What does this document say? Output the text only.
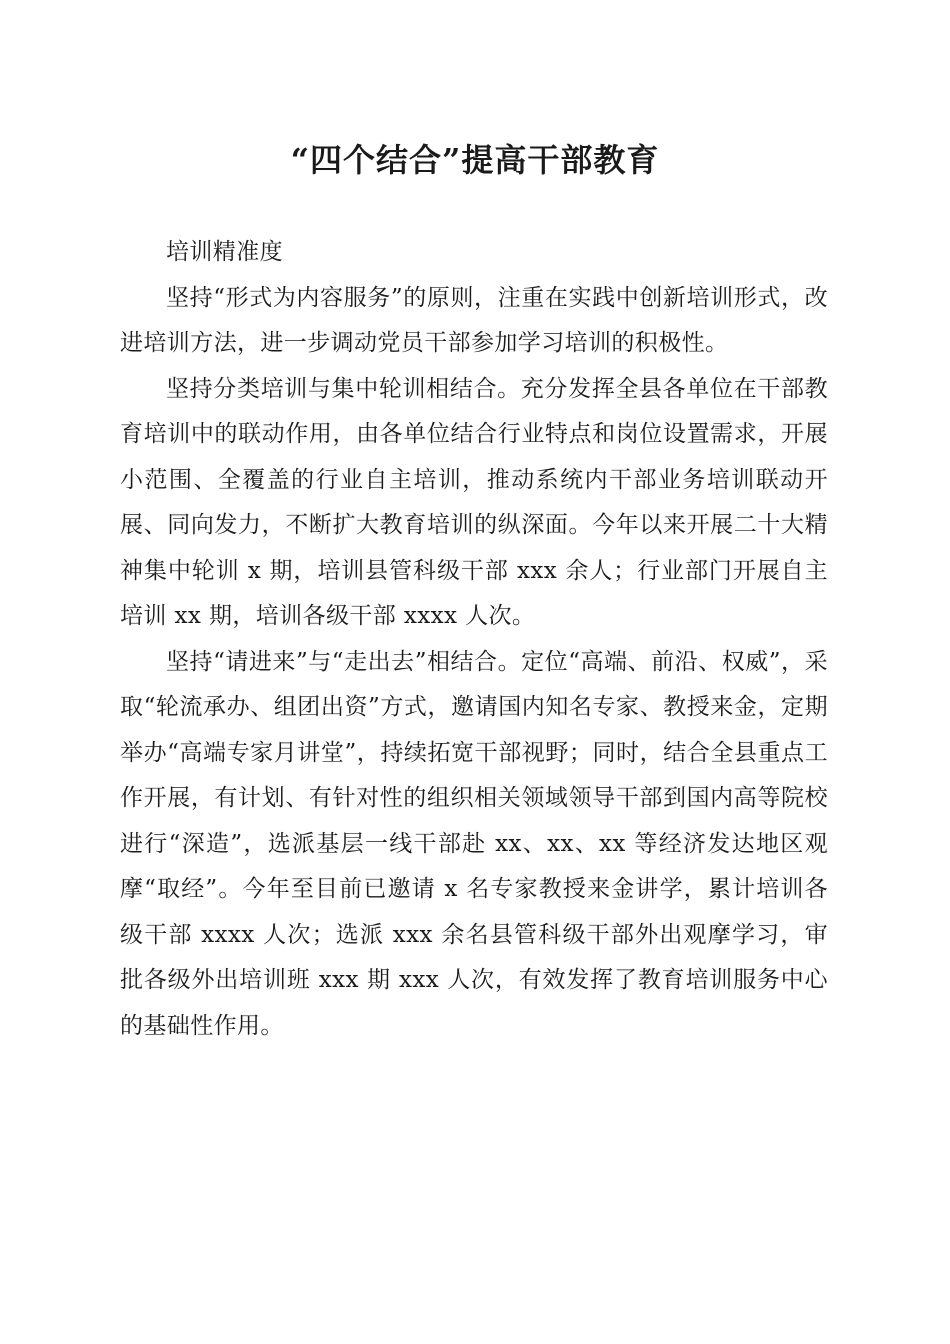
“四个结合”提高干部教育

培训精准度

坚持“形式为内容服务”的原则，注重在实践中创新培训形式，改进培训方法，进一步调动党员干部参加学习培训的积极性。

坚持分类培训与集中轮训相结合。充分发挥全县各单位在干部教育培训中的联动作用，由各单位结合行业特点和岗位设置需求，开展小范围、全覆盖的行业自主培训，推动系统内干部业务培训联动开展、同向发力，不断扩大教育培训的纵深面。今年以来开展二十大精神集中轮训 x 期，培训县管科级干部 xxx 余人；行业部门开展自主培训 xx 期，培训各级干部 xxxx 人次。

坚持“请进来”与“走出去”相结合。定位“高端、前沿、权威”，采取“轮流承办、组团出资”方式，邀请国内知名专家、教授来金，定期举办“高端专家月讲堂”，持续拓宽干部视野；同时，结合全县重点工作开展，有计划、有针对性的组织相关领域领导干部到国内高等院校进行“深造”，选派基层一线干部赴 xx、xx、xx 等经济发达地区观摩“取经”。今年至目前已邀请 x 名专家教授来金讲学，累计培训各级干部 xxxx 人次；选派 xxx 余名县管科级干部外出观摩学习，审批各级外出培训班 xxx 期 xxx 人次，有效发挥了教育培训服务中心的基础性作用。
